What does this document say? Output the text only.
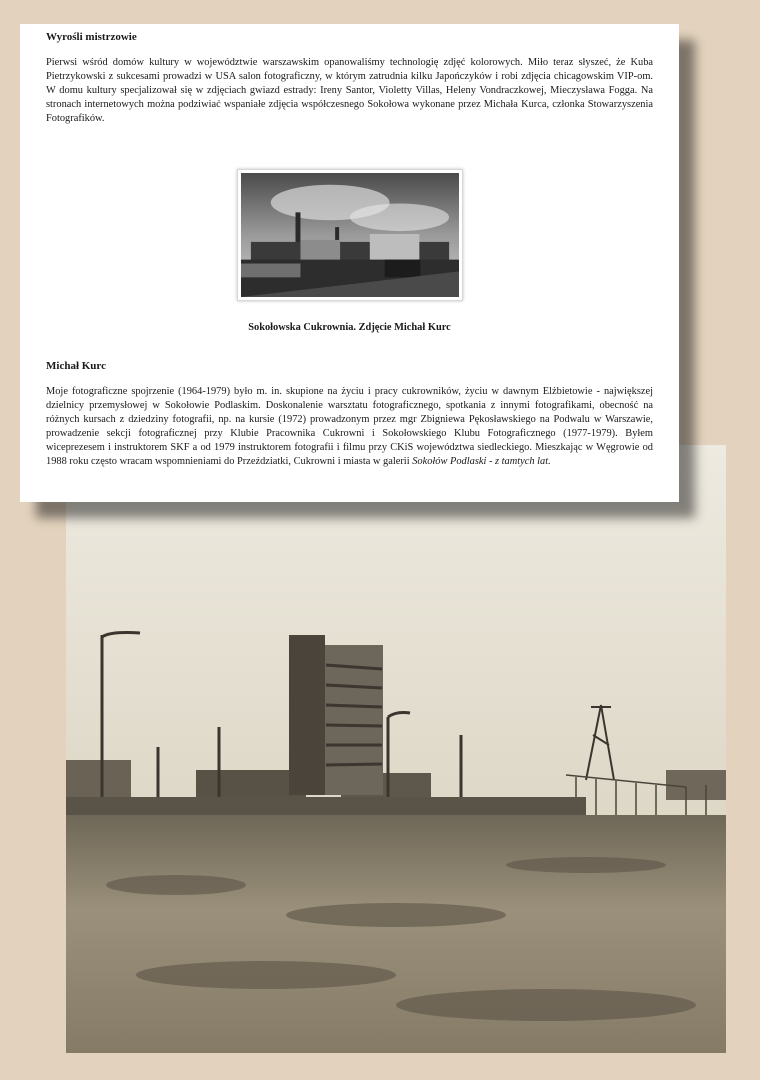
Wyrośli mistrzowie

Pierwsi wśród domów kultury w województwie warszawskim opanowaliśmy technologię zdjęć kolorowych. Miło teraz słyszeć, że Kuba Pietrzykowski z sukcesami prowadzi w USA salon fotograficzny, w którym zatrudnia kilku Japończyków i robi zdjęcia chicagowskim VIP-om. W domu kultury specjalizował się w zdjęciach gwiazd estrady: Ireny Santor, Violetty Villas, Heleny Vondraczkowej, Mieczysława Fogga. Na stronach internetowych można podziwiać wspaniałe zdjęcia współczesnego Sokołowa wykonane przez Michała Kurca, członka Stowarzyszenia Fotografików.

Sokołowska Cukrownia. Zdjęcie Michał Kurc
Michał Kurc

Moje fotograficzne spojrzenie (1964-1979) było m. in. skupione na życiu i pracy cukrowników, życiu w dawnym Elżbietowie - największej dzielnicy przemysłowej w Sokołowie Podlaskim. Doskonalenie warsztatu fotograficznego, spotkania z innymi fotografikami, obecność na różnych kursach z dziedziny fotografii, np. na kursie (1972) prowadzonym przez mgr Zbigniewa Pękosławskiego na Podwalu w Warszawie, prowadzenie sekcji fotograficznej przy Klubie Pracownika Cukrowni i Sokołowskiego Klubu Fotograficznego (1977-1979). Byłem wiceprezesem i instruktorem SKF a od 1979 instruktorem fotografii i filmu przy CKiS województwa siedleckiego. Mieszkając w Węgrowie od 1988 roku często wracam wspomnieniami do Przeździatki, Cukrowni i miasta w galerii Sokołów Podlaski - z tamtych lat.
